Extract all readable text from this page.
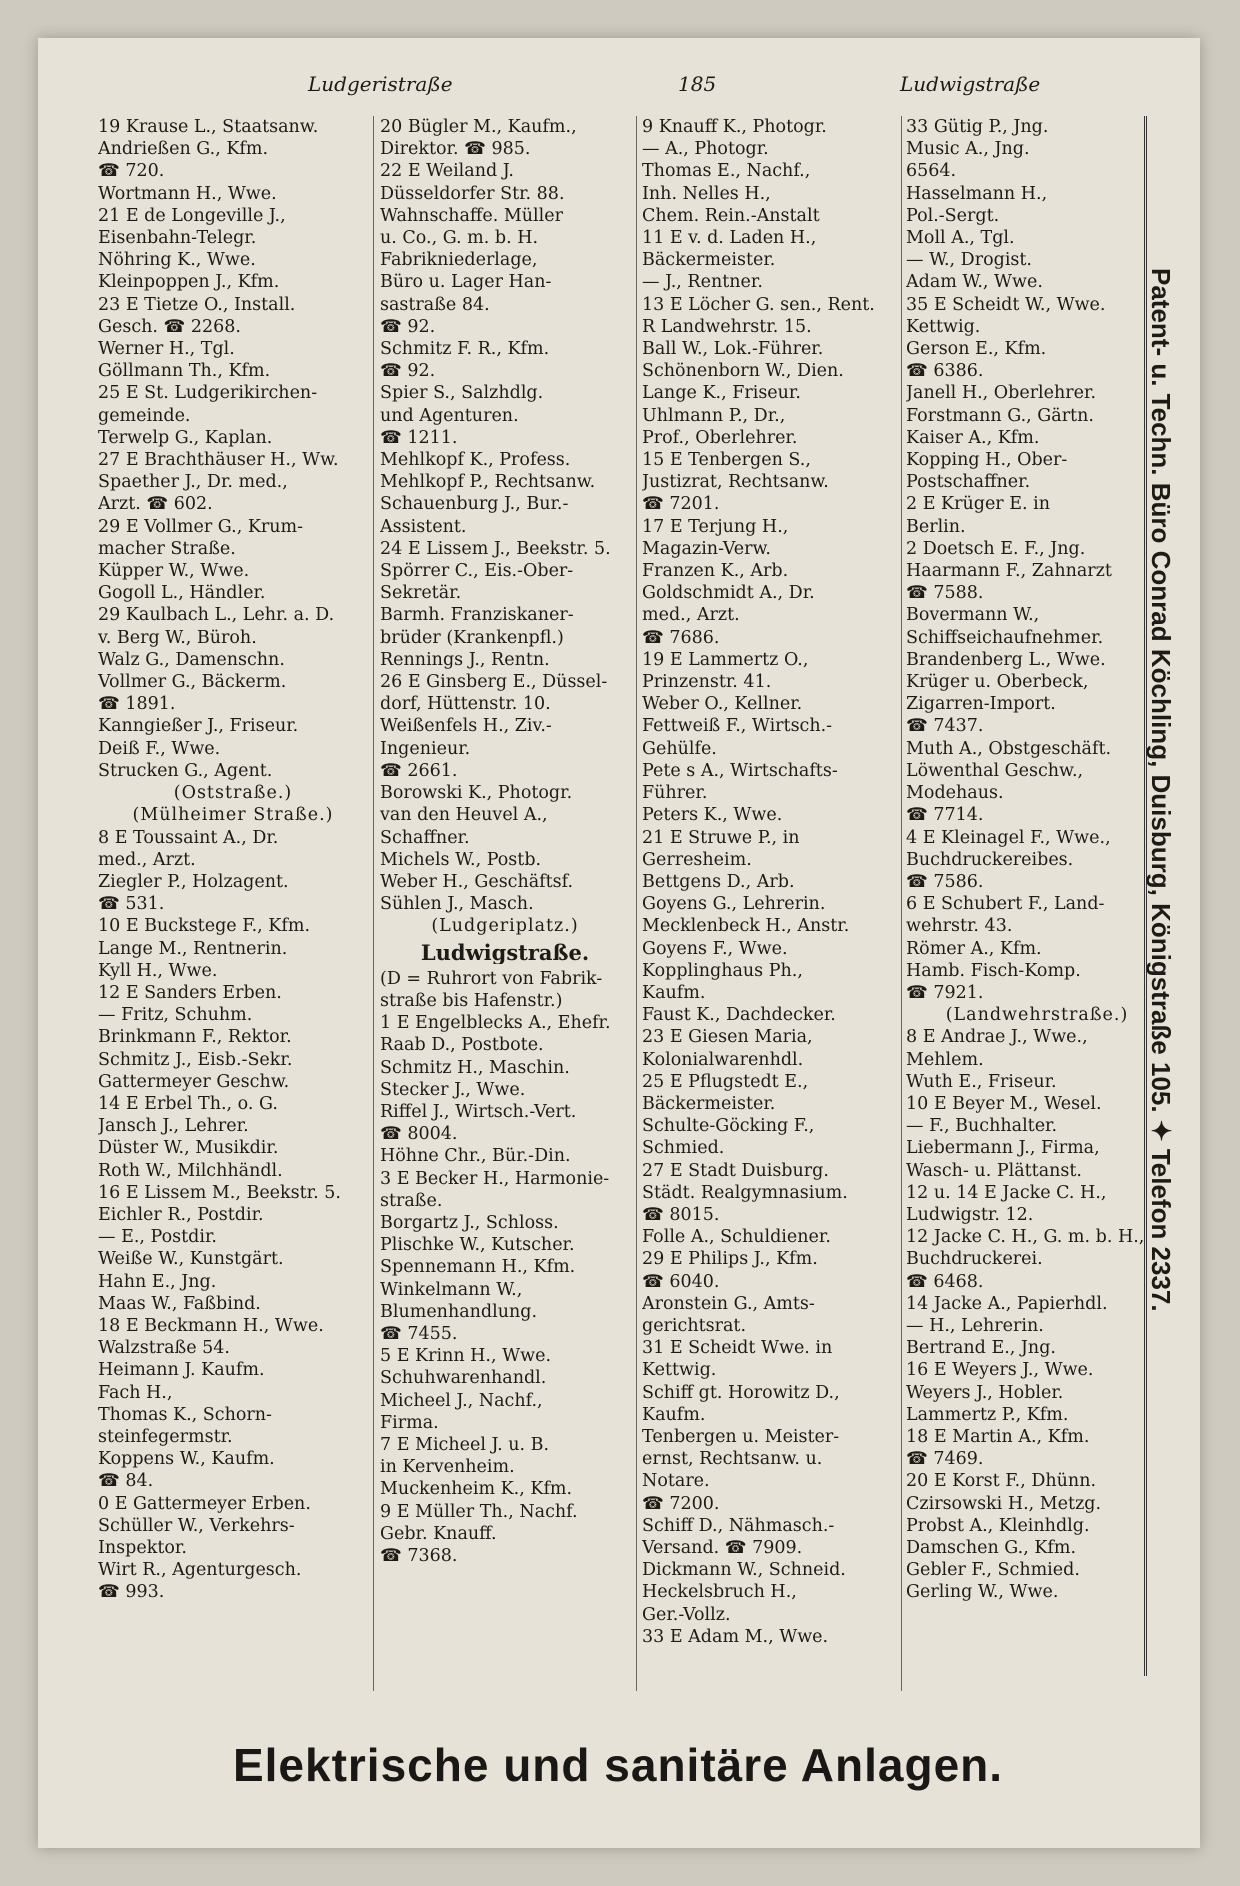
Ludgeristraße	185	Ludwigstraße
19 Krause L., Staatsanw.
Andrießen G., Kfm.
☎ 720.
Wortmann H., Wwe.
21 E de Longeville J.,
Eisenbahn-Telegr.
Nöhring K., Wwe.
Kleinpoppen J., Kfm.
23 E Tietze O., Install.
Gesch. ☎ 2268.
Werner H., Tgl.
Göllmann Th., Kfm.
25 E St. Ludgerikirchen-
gemeinde.
Terwelp G., Kaplan.
27 E Brachthäuser H., Ww.
Spaether J., Dr. med.,
Arzt. ☎ 602.
29 E Vollmer G., Krum-
macher Straße.
Küpper W., Wwe.
Gogoll L., Händler.
29 Kaulbach L., Lehr. a. D.
v. Berg W., Büroh.
Walz G., Damenschn.
Vollmer G., Bäckerm.
☎ 1891.
Kanngießer J., Friseur.
Deiß F., Wwe.
Strucken G., Agent.
(Oststraße.)
(Mülheimer Straße.)
8 E Toussaint A., Dr.
med., Arzt.
Ziegler P., Holzagent.
☎ 531.
10 E Buckstege F., Kfm.
Lange M., Rentnerin.
Kyll H., Wwe.
12 E Sanders Erben.
— Fritz, Schuhm.
Brinkmann F., Rektor.
Schmitz J., Eisb.-Sekr.
Gattermeyer Geschw.
14 E Erbel Th., o. G.
Jansch J., Lehrer.
Düster W., Musikdir.
Roth W., Milchhändl.
16 E Lissem M., Beekstr. 5.
Eichler R., Postdir.
— E., Postdir.
Weiße W., Kunstgärt.
Hahn E., Jng.
Maas W., Faßbind.
18 E Beckmann H., Wwe.
Walzstraße 54.
Heimann J. Kaufm.
Fach H.,
Thomas K., Schorn-
steinfegermstr.
Koppens W., Kaufm.
☎ 84.
0 E Gattermeyer Erben.
Schüller W., Verkehrs-
Inspektor.
Wirt R., Agenturgesch.
☎ 993.
20 Bügler M., Kaufm.,
Direktor. ☎ 985.
22 E Weiland J.
Düsseldorfer Str. 88.
Wahnschaffe. Müller
u. Co., G. m. b. H.
Fabrikniederlage,
Büro u. Lager Han-
sastraße 84.
☎ 92.
Schmitz F. R., Kfm.
☎ 92.
Spier S., Salzhdlg.
und Agenturen.
☎ 1211.
Mehlkopf K., Profess.
Mehlkopf P., Rechtsanw.
Schauenburg J., Bur.-
Assistent.
24 E Lissem J., Beekstr. 5.
Spörrer C., Eis.-Ober-
Sekretär.
Barmh. Franziskaner-
brüder (Krankenpfl.)
Rennings J., Rentn.
26 E Ginsberg E., Düssel-
dorf, Hüttenstr. 10.
Weißenfels H., Ziv.-
Ingenieur.
☎ 2661.
Borowski K., Photogr.
van den Heuvel A.,
Schaffner.
Michels W., Postb.
Weber H., Geschäftsf.
Sühlen J., Masch.
(Ludgeriplatz.)
Ludwigstraße.
(D = Ruhrort von Fabrik-
straße bis Hafenstr.)
1 E Engelblecks A., Ehefr.
Raab D., Postbote.
Schmitz H., Maschin.
Stecker J., Wwe.
Riffel J., Wirtsch.-Vert.
☎ 8004.
Höhne Chr., Bür.-Din.
3 E Becker H., Harmonie-
straße.
Borgartz J., Schloss.
Plischke W., Kutscher.
Spennemann H., Kfm.
Winkelmann W.,
Blumenhandlung.
☎ 7455.
5 E Krinn H., Wwe.
Schuhwarenhandl.
Micheel J., Nachf.,
Firma.
7 E Micheel J. u. B.
in Kervenheim.
Muckenheim K., Kfm.
9 E Müller Th., Nachf.
Gebr. Knauff.
☎ 7368.
9 Knauff K., Photogr.
— A., Photogr.
Thomas E., Nachf.,
Inh. Nelles H.,
Chem. Rein.-Anstalt
11 E v. d. Laden H.,
Bäckermeister.
— J., Rentner.
13 E Löcher G. sen., Rent.
R Landwehrstr. 15.
Ball W., Lok.-Führer.
Schönenborn W., Dien.
Lange K., Friseur.
Uhlmann P., Dr.,
Prof., Oberlehrer.
15 E Tenbergen S.,
Justizrat, Rechtsanw.
☎ 7201.
17 E Terjung H.,
Magazin-Verw.
Franzen K., Arb.
Goldschmidt A., Dr.
med., Arzt.
☎ 7686.
19 E Lammertz O.,
Prinzenstr. 41.
Weber O., Kellner.
Fettweiß F., Wirtsch.-
Gehülfe.
Pete s A., Wirtschafts-
Führer.
Peters K., Wwe.
21 E Struwe P., in
Gerresheim.
Bettgens D., Arb.
Goyens G., Lehrerin.
Mecklenbeck H., Anstr.
Goyens F., Wwe.
Kopplinghaus Ph.,
Kaufm.
Faust K., Dachdecker.
23 E Giesen Maria,
Kolonialwarenhdl.
25 E Pflugstedt E.,
Bäckermeister.
Schulte-Göcking F.,
Schmied.
27 E Stadt Duisburg.
Städt. Realgymnasium.
☎ 8015.
Folle A., Schuldiener.
29 E Philips J., Kfm.
☎ 6040.
Aronstein G., Amts-
gerichtsrat.
31 E Scheidt Wwe. in
Kettwig.
Schiff gt. Horowitz D.,
Kaufm.
Tenbergen u. Meister-
ernst, Rechtsanw. u.
Notare.
☎ 7200.
Schiff D., Nähmasch.-
Versand. ☎ 7909.
Dickmann W., Schneid.
Heckelsbruch H.,
Ger.-Vollz.
33 E Adam M., Wwe.
33 Gütig P., Jng.
Music A., Jng.
6564.
Hasselmann H.,
Pol.-Sergt.
Moll A., Tgl.
— W., Drogist.
Adam W., Wwe.
35 E Scheidt W., Wwe.
Kettwig.
Gerson E., Kfm.
☎ 6386.
Janell H., Oberlehrer.
Forstmann G., Gärtn.
Kaiser A., Kfm.
Kopping H., Ober-
Postschaffner.
2 E Krüger E. in
Berlin.
2 Doetsch E. F., Jng.
Haarmann F., Zahnarzt
☎ 7588.
Bovermann W.,
Schiffseichaufnehmer.
Brandenberg L., Wwe.
Krüger u. Oberbeck,
Zigarren-Import.
☎ 7437.
Muth A., Obstgeschäft.
Löwenthal Geschw.,
Modehaus.
☎ 7714.
4 E Kleinagel F., Wwe.,
Buchdruckereibes.
☎ 7586.
6 E Schubert F., Land-
wehrstr. 43.
Römer A., Kfm.
Hamb. Fisch-Komp.
☎ 7921.
(Landwehrstraße.)
8 E Andrae J., Wwe.,
Mehlem.
Wuth E., Friseur.
10 E Beyer M., Wesel.
— F., Buchhalter.
Liebermann J., Firma,
Wasch- u. Plättanst.
12 u. 14 E Jacke C. H.,
Ludwigstr. 12.
12 Jacke C. H., G. m. b. H.,
Buchdruckerei.
☎ 6468.
14 Jacke A., Papierhdl.
— H., Lehrerin.
Bertrand E., Jng.
16 E Weyers J., Wwe.
Weyers J., Hobler.
Lammertz P., Kfm.
18 E Martin A., Kfm.
☎ 7469.
20 E Korst F., Dhünn.
Czirsowski H., Metzg.
Probst A., Kleinhdlg.
Damschen G., Kfm.
Gebler F., Schmied.
Gerling W., Wwe.
Patent- u. Techn. Büro Conrad Köchling, Duisburg, Königstraße 105. ✦ Telefon 2337.
Elektrische und sanitäre Anlagen.
